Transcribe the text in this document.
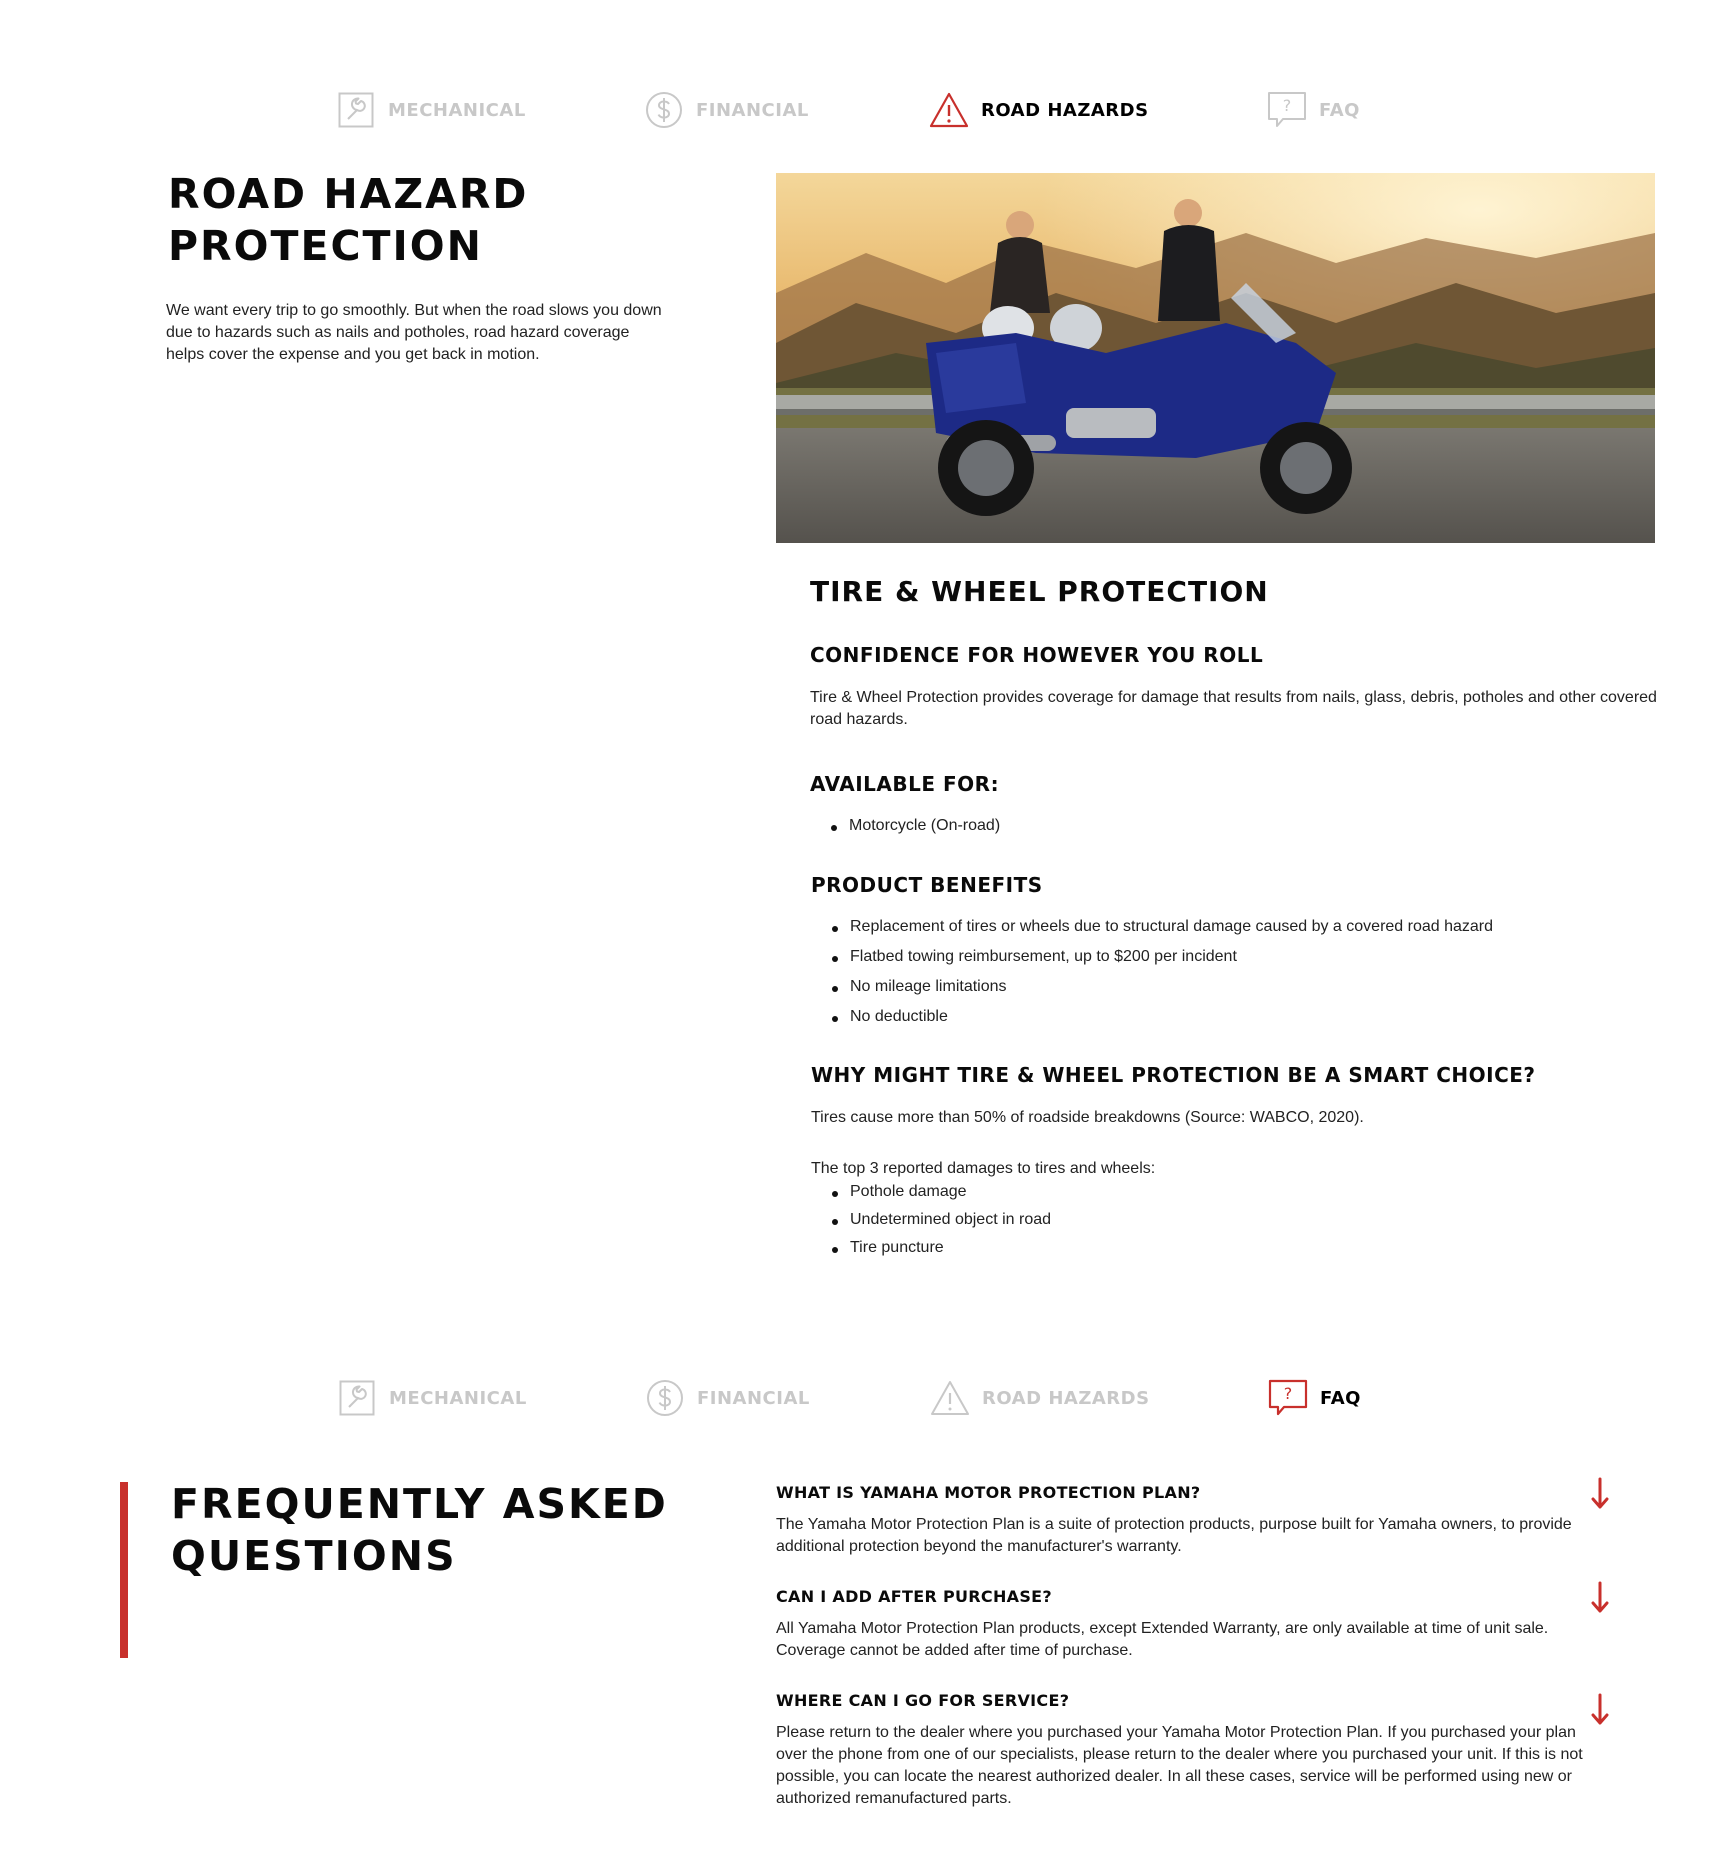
MECHANICAL	FINANCIAL	ROAD HAZARDS	? FAQ
ROAD HAZARD
PROTECTION

We want every trip to go smoothly. But when the road slows you down due to hazards such as nails and potholes, road hazard coverage helps cover the expense and you get back in motion.

TIRE & WHEEL PROTECTION
CONFIDENCE FOR HOWEVER YOU ROLL

Tire & Wheel Protection provides coverage for damage that results from nails, glass, debris, potholes and other covered road hazards.

AVAILABLE FOR:
Motorcycle (On-road)
PRODUCT BENEFITS
Replacement of tires or wheels due to structural damage caused by a covered road hazard
Flatbed towing reimbursement, up to $200 per incident
No mileage limitations
No deductible
WHY MIGHT TIRE & WHEEL PROTECTION BE A SMART CHOICE?

Tires cause more than 50% of roadside breakdowns (Source: WABCO, 2020).

The top 3 reported damages to tires and wheels:

Pothole damage
Undetermined object in road
Tire puncture
MECHANICAL	FINANCIAL	ROAD HAZARDS	? FAQ
FREQUENTLY ASKED
QUESTIONS
WHAT IS YAMAHA MOTOR PROTECTION PLAN?

The Yamaha Motor Protection Plan is a suite of protection products, purpose built for Yamaha owners, to provide additional protection beyond the manufacturer's warranty.

CAN I ADD AFTER PURCHASE?

All Yamaha Motor Protection Plan products, except Extended Warranty, are only available at time of unit sale. Coverage cannot be added after time of purchase.

WHERE CAN I GO FOR SERVICE?

Please return to the dealer where you purchased your Yamaha Motor Protection Plan. If you purchased your plan over the phone from one of our specialists, please return to the dealer where you purchased your unit. If this is not possible, you can locate the nearest authorized dealer. In all these cases, service will be performed using new or authorized remanufactured parts.
